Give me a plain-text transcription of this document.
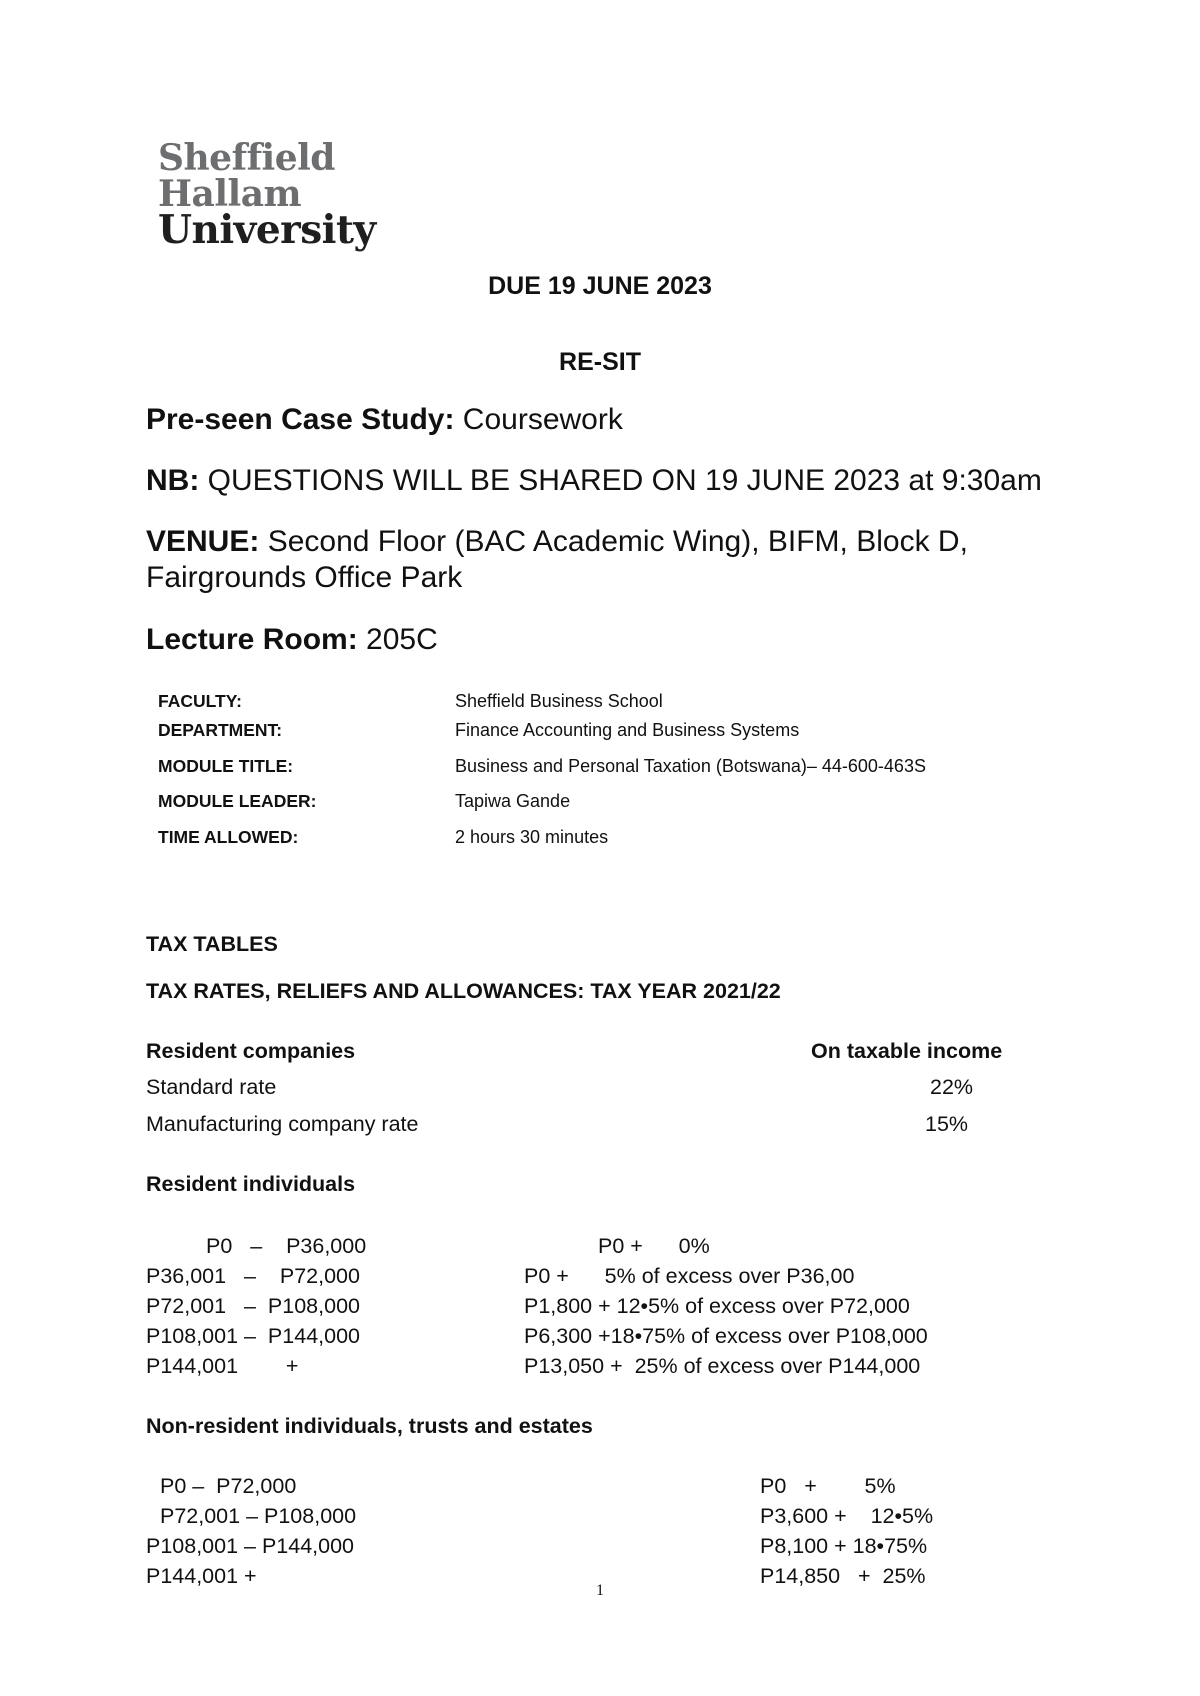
Sheffield
Hallam
University
DUE 19 JUNE 2023
RE-SIT
Pre-seen Case Study: Coursework
NB: QUESTIONS WILL BE SHARED ON 19 JUNE 2023 at 9:30am
VENUE: Second Floor (BAC Academic Wing), BIFM, Block D,
Fairgrounds Office Park
Lecture Room: 205C
FACULTY:	Sheffield Business School
DEPARTMENT:	Finance Accounting and Business Systems
MODULE TITLE:	Business and Personal Taxation (Botswana)– 44-600-463S
MODULE LEADER:	Tapiwa Gande
TIME ALLOWED:	2 hours 30 minutes
TAX TABLES
TAX RATES, RELIEFS AND ALLOWANCES: TAX YEAR 2021/22
Resident companies	On taxable income
Standard rate	22%
Manufacturing company rate	15%
Resident individuals
P0   –    P36,000	P0 +      0%
P36,001   –    P72,000	P0 +      5% of excess over P36,00
P72,001   –  P108,000	P1,800 + 12•5% of excess over P72,000
P108,001 –  P144,000	P6,300 +18•75% of excess over P108,000
P144,001        +	P13,050 +  25% of excess over P144,000
Non-resident individuals, trusts and estates
P0 –  P72,000	P0   +        5%
P72,001 – P108,000	P3,600 +    12•5%
P108,001 – P144,000	P8,100 + 18•75%
P144,001 +	P14,850   +  25%
1
